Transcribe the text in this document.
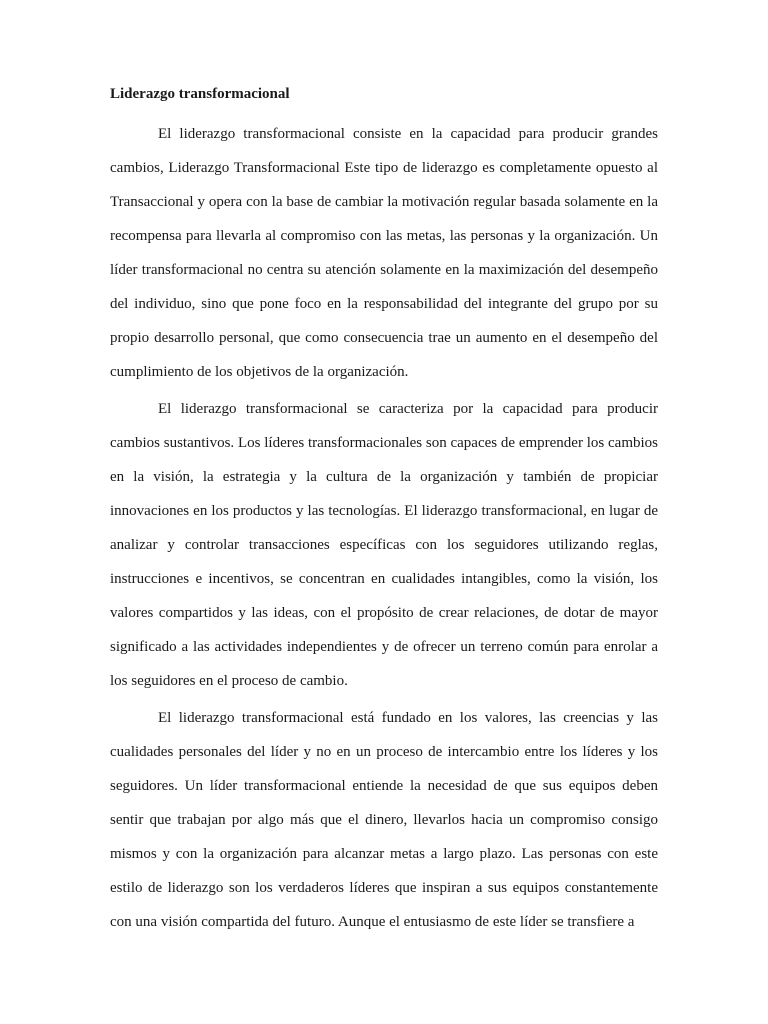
Liderazgo transformacional

El liderazgo transformacional consiste en la capacidad para producir grandes cambios, Liderazgo Transformacional Este tipo de liderazgo es completamente opuesto al Transaccional y opera con la base de cambiar la motivación regular basada solamente en la recompensa para llevarla al compromiso con las metas, las personas y la organización. Un líder transformacional no centra su atención solamente en la maximización del desempeño del individuo, sino que pone foco en la responsabilidad del integrante del grupo por su propio desarrollo personal, que como consecuencia trae un aumento en el desempeño del cumplimiento de los objetivos de la organización.

El liderazgo transformacional se caracteriza por la capacidad para producir cambios sustantivos. Los líderes transformacionales son capaces de emprender los cambios en la visión, la estrategia y la cultura de la organización y también de propiciar innovaciones en los productos y las tecnologías. El liderazgo transformacional, en lugar de analizar y controlar transacciones específicas con los seguidores utilizando reglas, instrucciones e incentivos, se concentran en cualidades intangibles, como la visión, los valores compartidos y las ideas, con el propósito de crear relaciones, de dotar de mayor significado a las actividades independientes y de ofrecer un terreno común para enrolar a los seguidores en el proceso de cambio.

El liderazgo transformacional está fundado en los valores, las creencias y las cualidades personales del líder y no en un proceso de intercambio entre los líderes y los seguidores. Un líder transformacional entiende la necesidad de que sus equipos deben sentir que trabajan por algo más que el dinero, llevarlos hacia un compromiso consigo mismos y con la organización para alcanzar metas a largo plazo. Las personas con este estilo de liderazgo son los verdaderos líderes que inspiran a sus equipos constantemente con una visión compartida del futuro. Aunque el entusiasmo de este líder se transfiere a
